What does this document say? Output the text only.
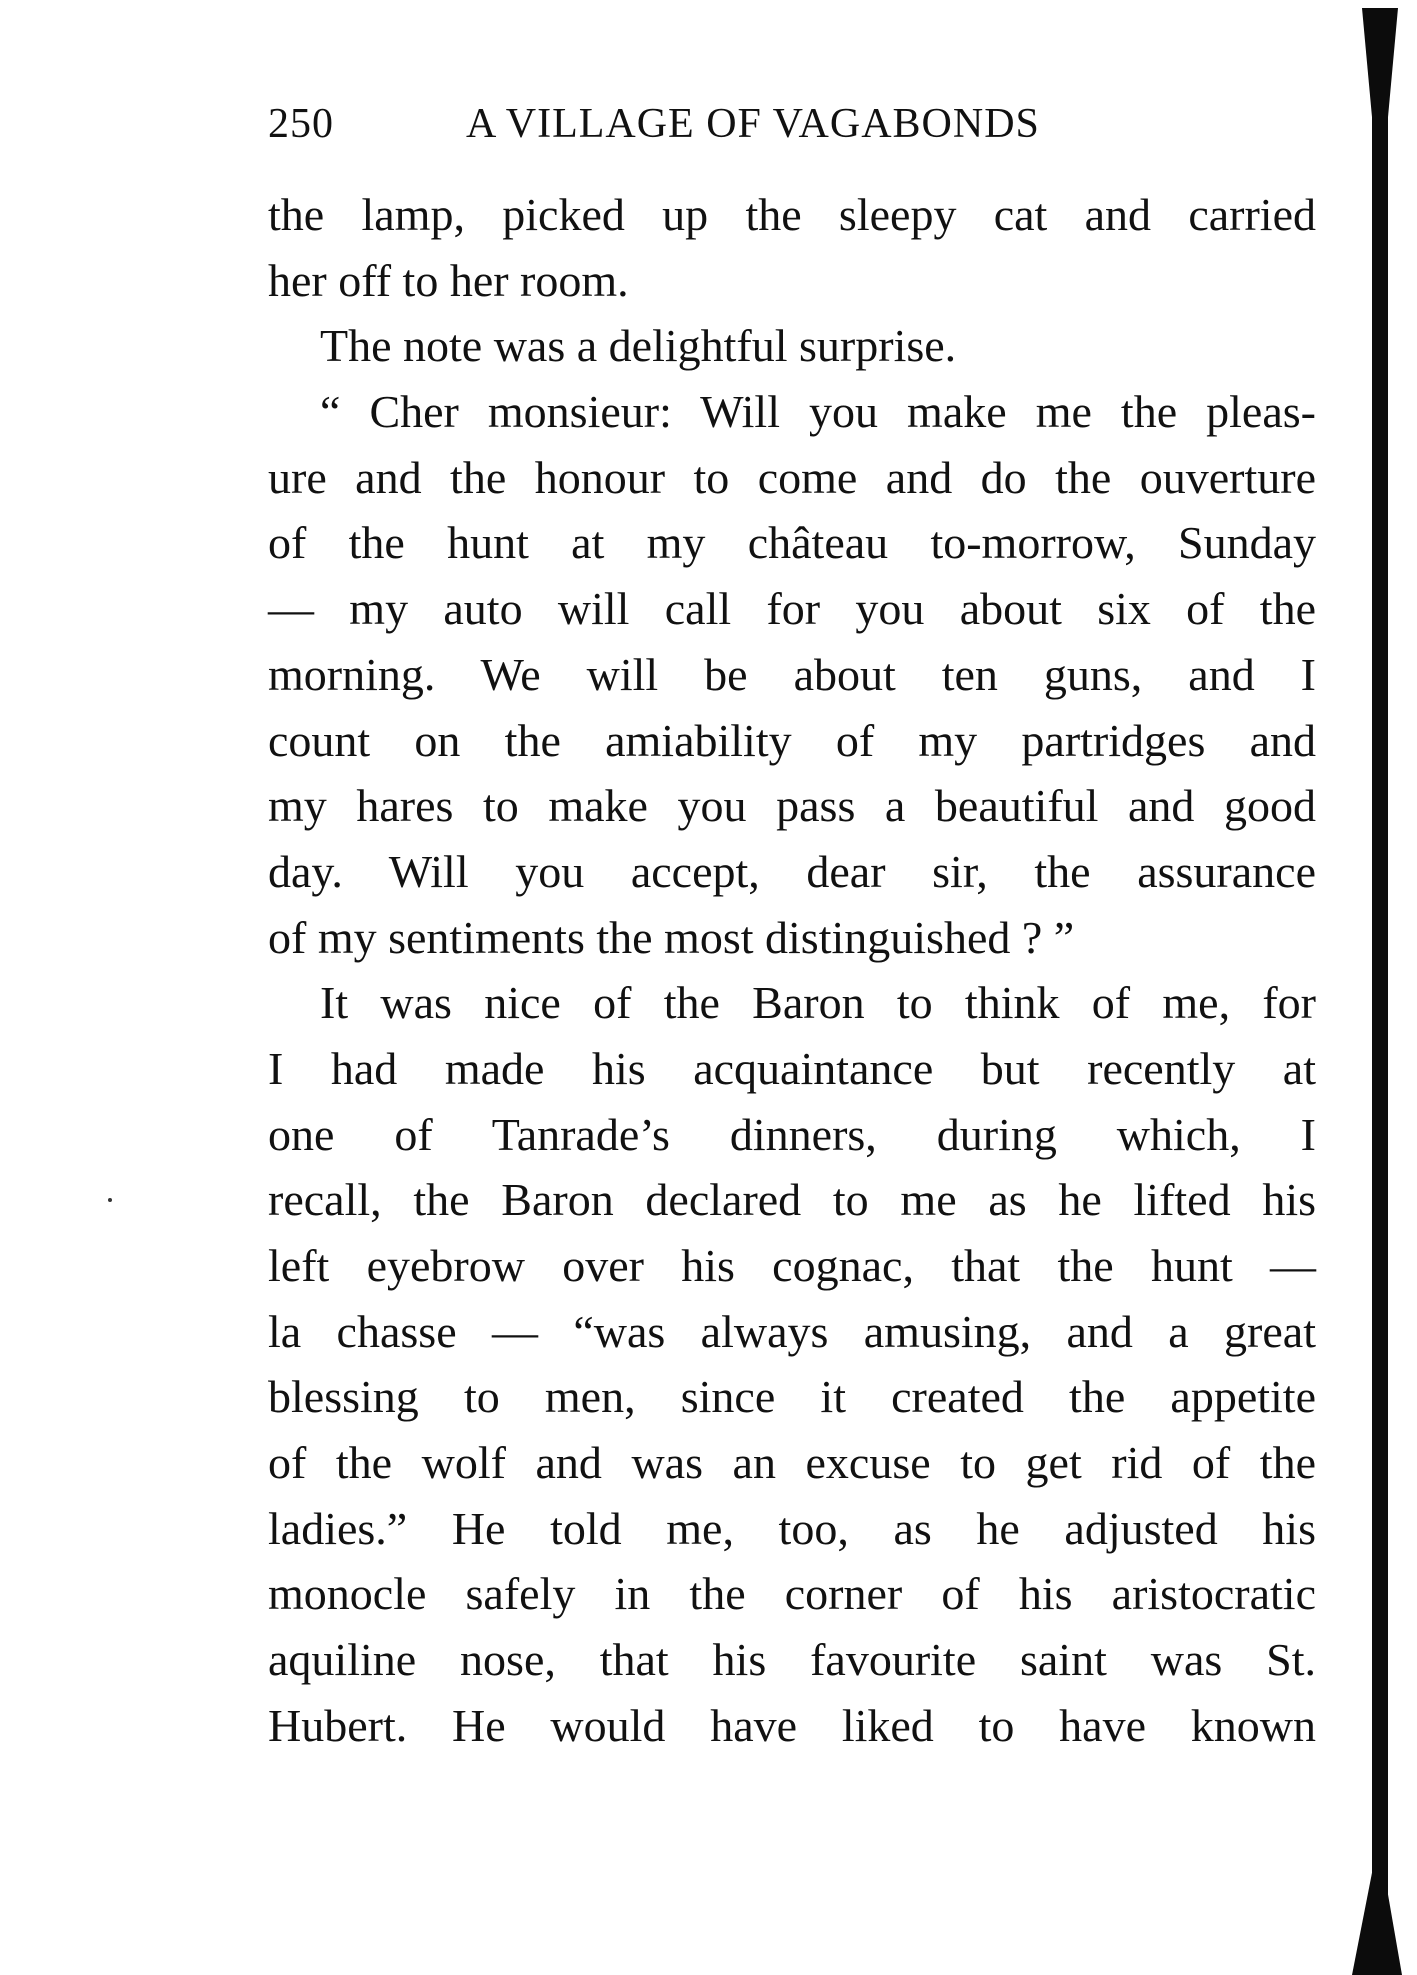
250	A VILLAGE OF VAGABONDS
the lamp, picked up the sleepy cat and carried
her off to her room.
The note was a delightful surprise.
“ Cher monsieur: Will you make me the pleas-
ure and the honour to come and do the ouverture
of the hunt at my château to-morrow, Sunday
— my auto will call for you about six of the
morning. We will be about ten guns, and I
count on the amiability of my partridges and
my hares to make you pass a beautiful and good
day. Will you accept, dear sir, the assurance
of my sentiments the most distinguished ? ”
It was nice of the Baron to think of me, for
I had made his acquaintance but recently at
one of Tanrade’s dinners, during which, I
recall, the Baron declared to me as he lifted his
left eyebrow over his cognac, that the hunt —
la chasse — “was always amusing, and a great
blessing to men, since it created the appetite
of the wolf and was an excuse to get rid of the
ladies.” He told me, too, as he adjusted his
monocle safely in the corner of his aristocratic
aquiline nose, that his favourite saint was St.
Hubert. He would have liked to have known
